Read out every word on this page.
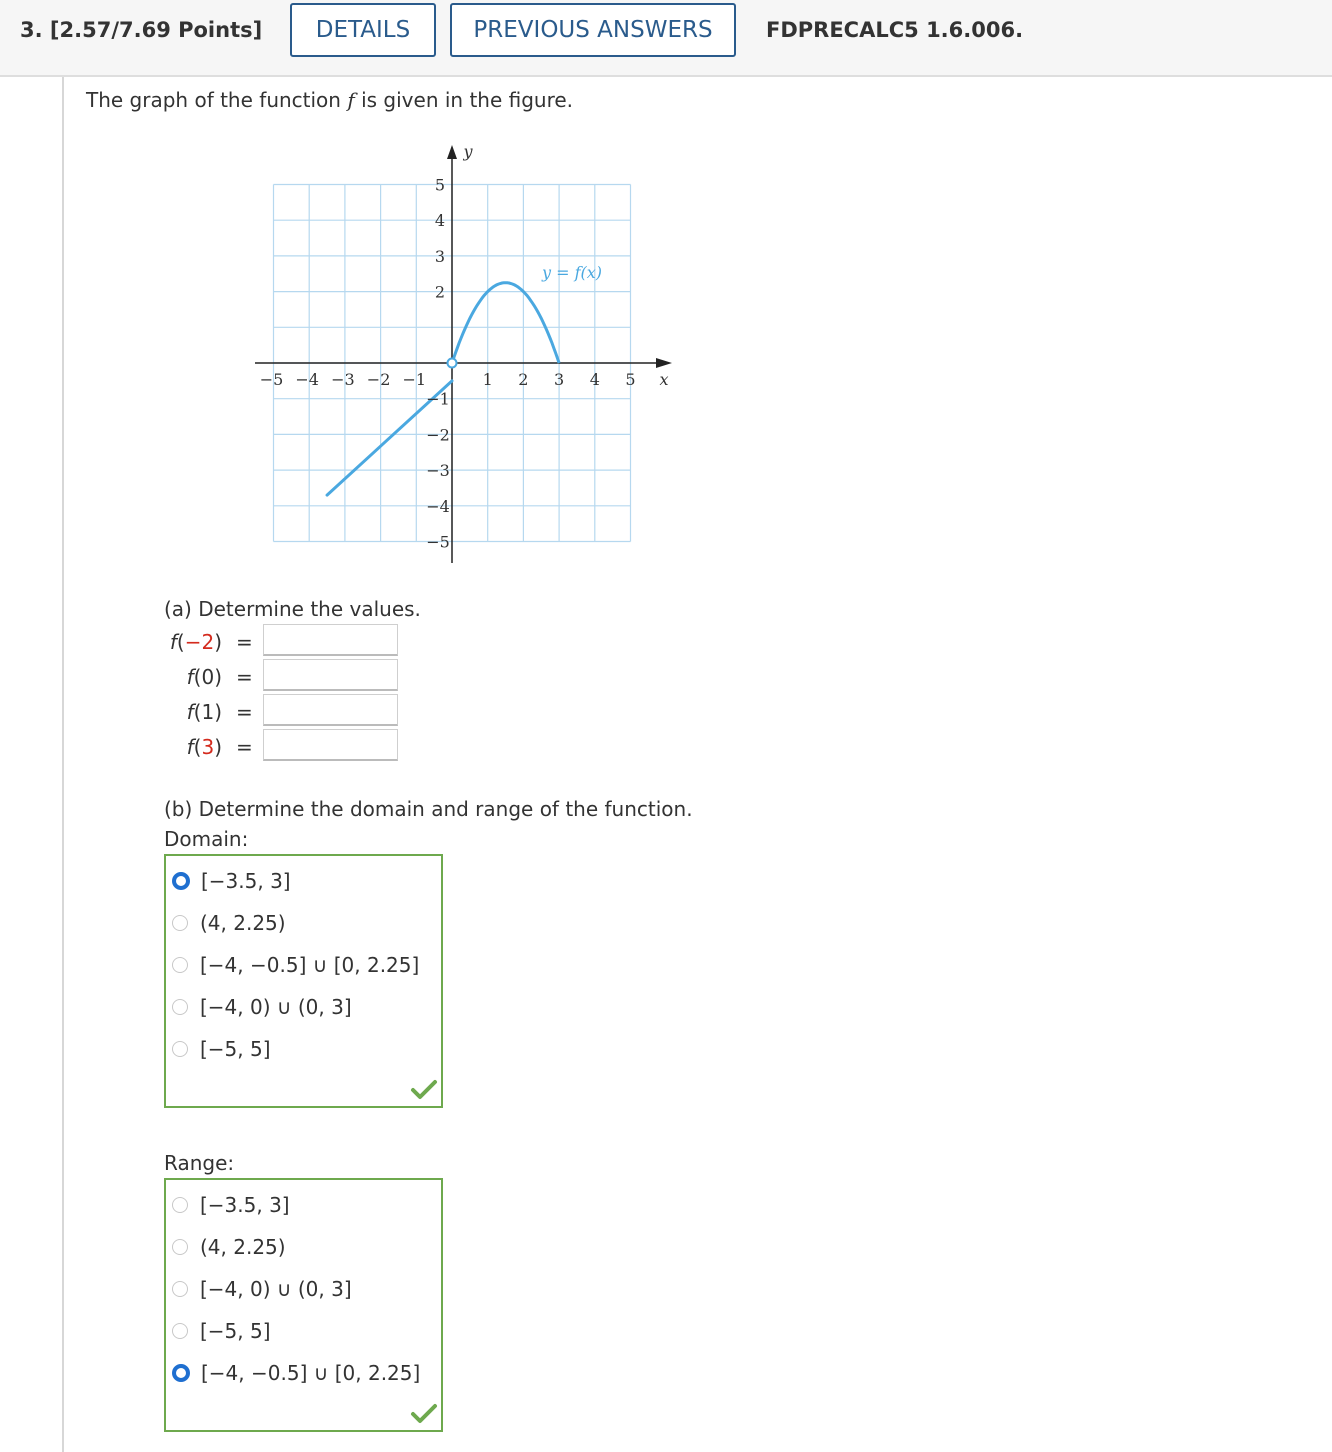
3. [2.57/7.69 Points]	DETAILS	PREVIOUS ANSWERS	FDPRECALC5 1.6.006.
The graph of the function f is given in the figure.
−5 −4 −3 −2 −1	1 2 3 4 5
5
4
3
2
−1
−2
−3
−4
−5
y
x
y = f(x)
(a) Determine the values.
f(−2) =
f(0) =
f(1) =
f(3) =
(b) Determine the domain and range of the function.
Domain:
[−3.5, 3]
(4, 2.25)
[−4, −0.5] ∪ [0, 2.25]
[−4, 0) ∪ (0, 3]
[−5, 5]
Range:
[−3.5, 3]
(4, 2.25)
[−4, 0) ∪ (0, 3]
[−5, 5]
[−4, −0.5] ∪ [0, 2.25]
